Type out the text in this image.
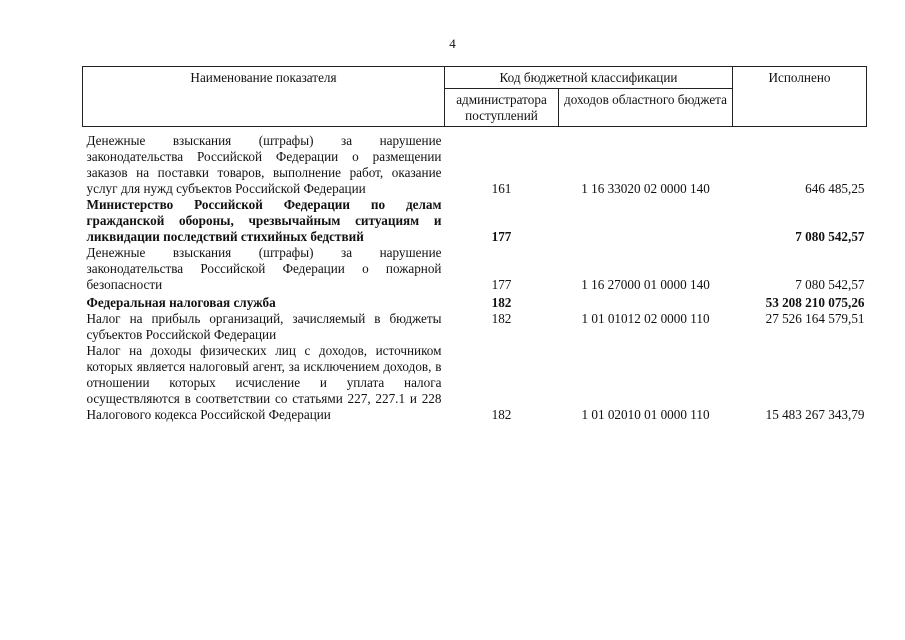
4
Наименование показателя	Код бюджетной классификации		Исполнено
	администратора поступлений	доходов областного бюджета	

Денежные взыскания (штрафы) за нарушение законодательства Российской Федерации о размещении заказов на поставки товаров, выполнение работ, оказание услуг для нужд субъектов Российской Федерации	161	1 16 33020 02 0000 140	646 485,25
Министерство Российской Федерации по делам гражданской обороны, чрезвычайным ситуациям и ликвидации последствий стихийных бедствий	177		7 080 542,57
Денежные взыскания (штрафы) за нарушение законодательства Российской Федерации о пожарной безопасности	177	1 16 27000 01 0000 140	7 080 542,57
Федеральная налоговая служба	182		53 208 210 075,26
Налог на прибыль организаций, зачисляемый в бюджеты субъектов Российской Федерации	182	1 01 01012 02 0000 110	27 526 164 579,51
Налог на доходы физических лиц с доходов, источником которых является налоговый агент, за исключением доходов, в отношении которых исчисление и уплата налога осуществляются в соответствии со статьями 227, 227.1 и 228 Налогового кодекса Российской Федерации	182	1 01 02010 01 0000 110	15 483 267 343,79
